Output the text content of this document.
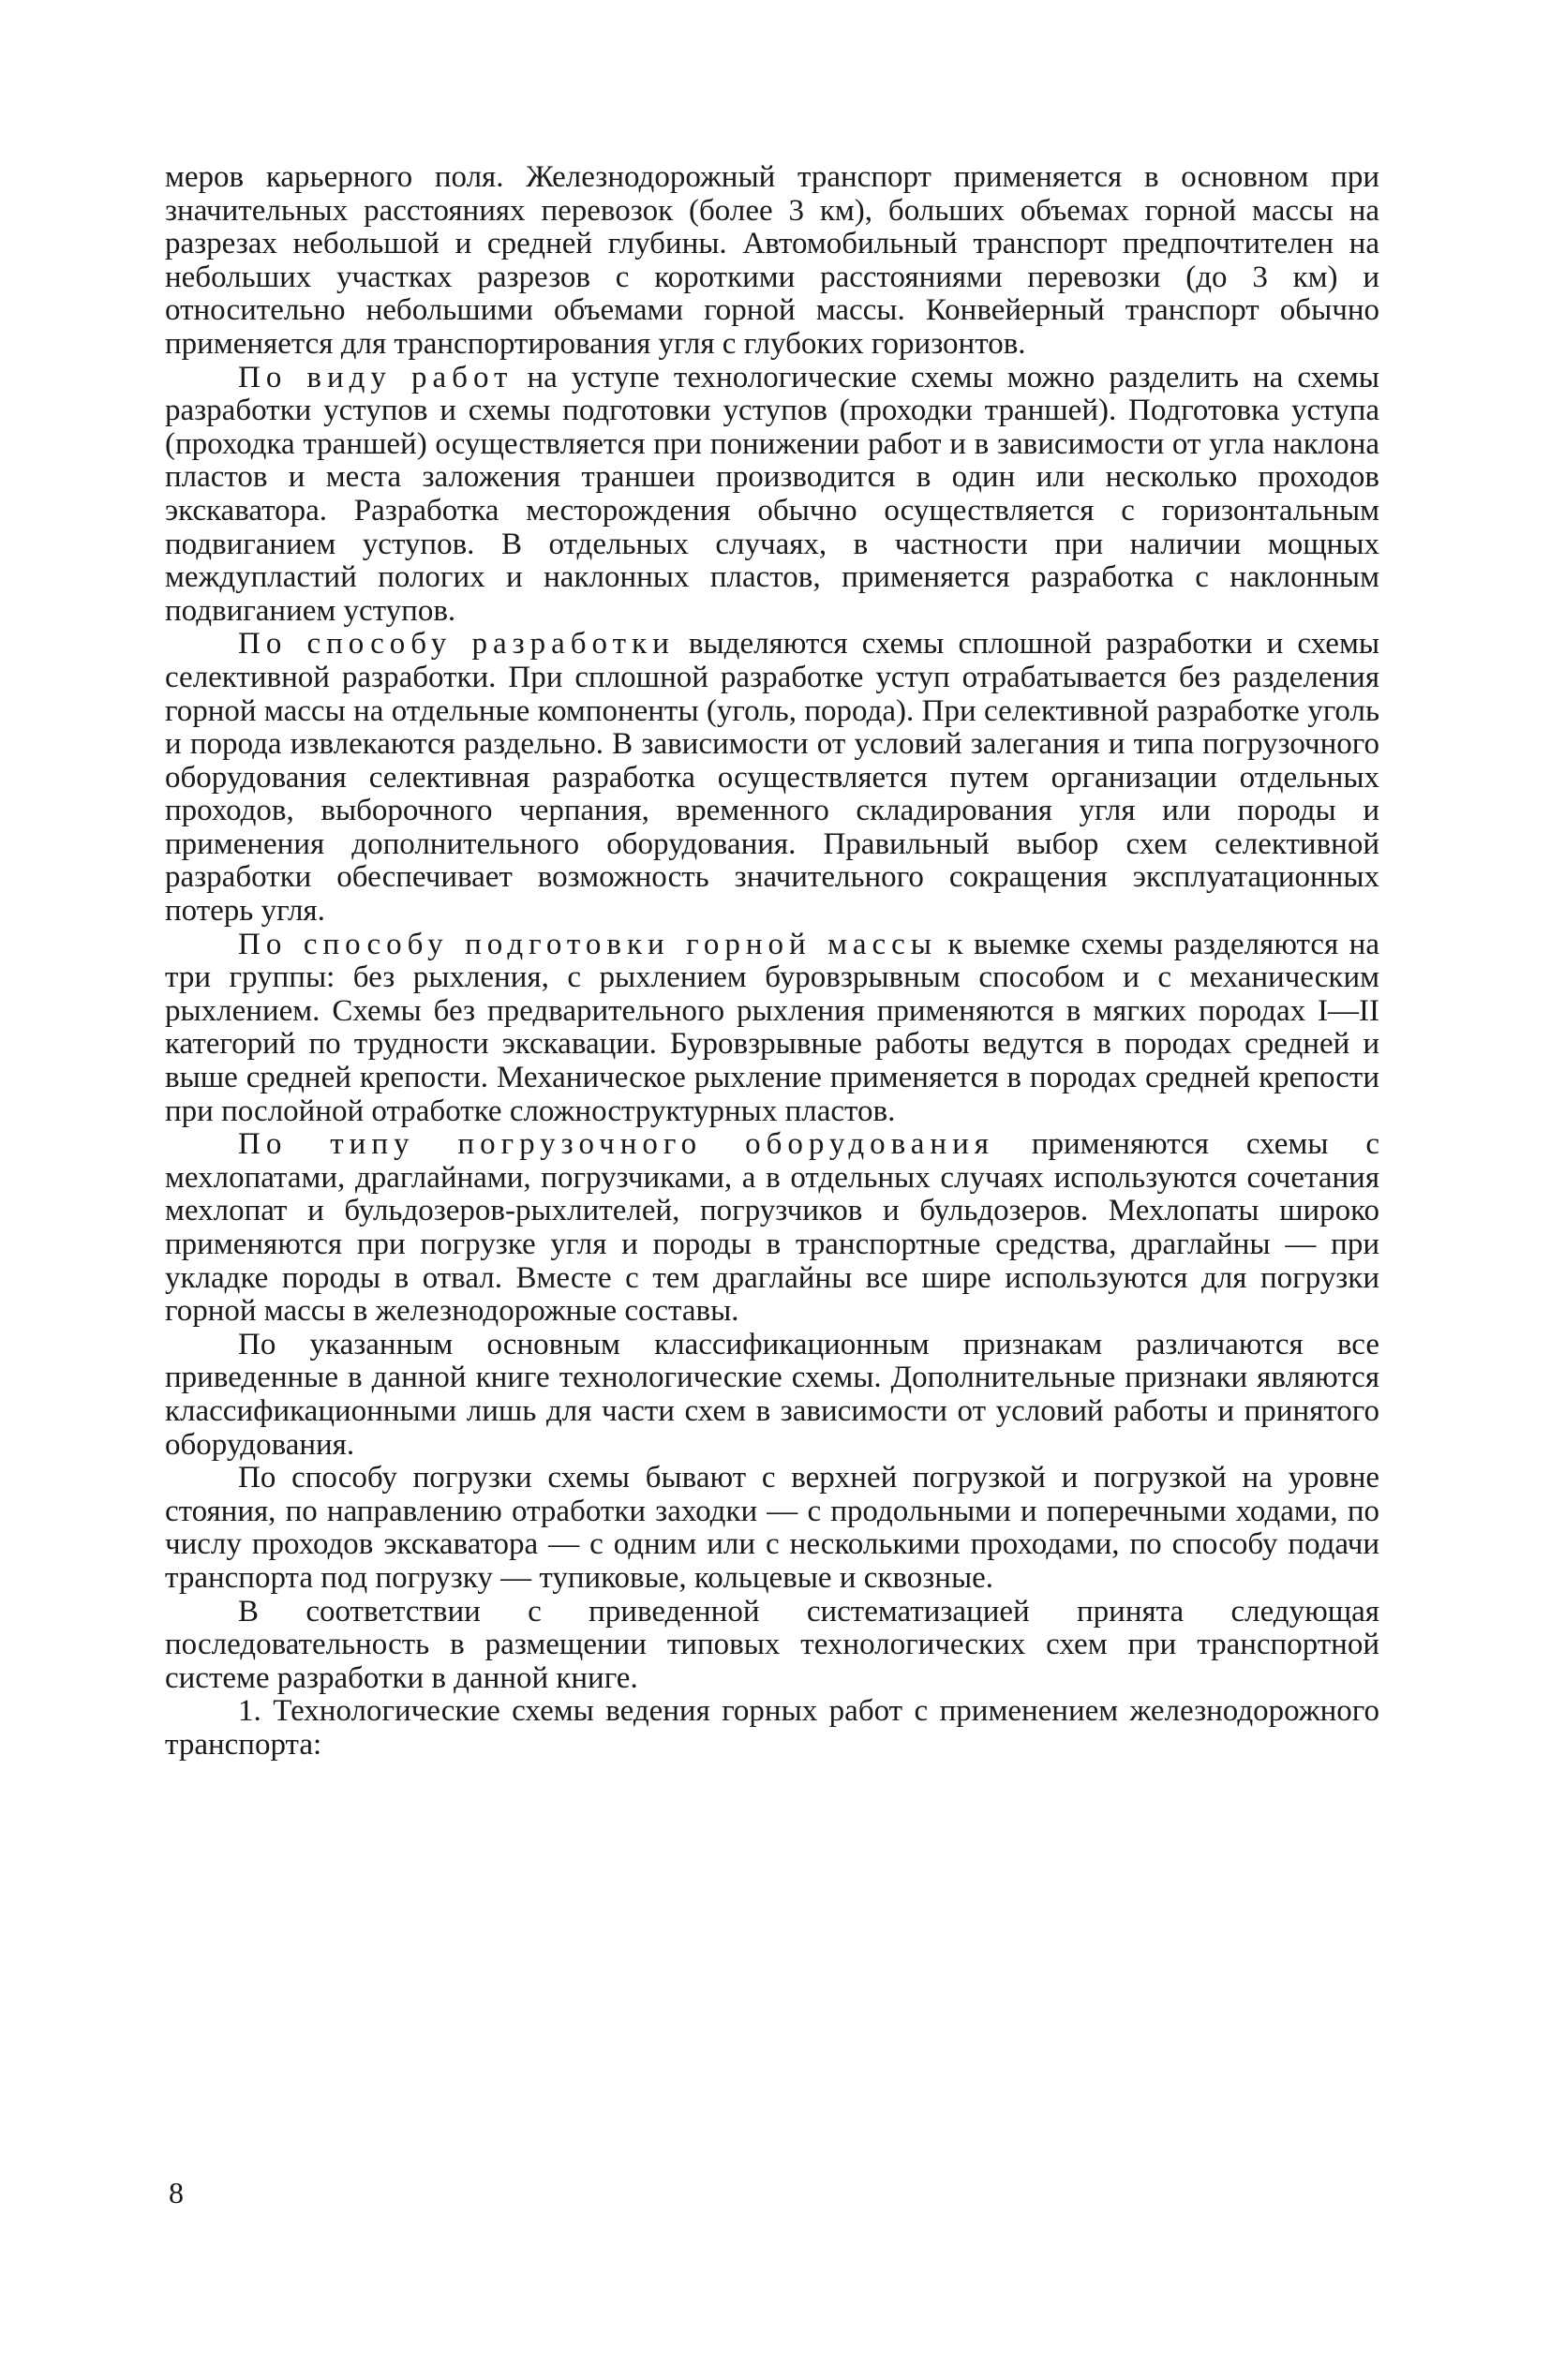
меров карьерного поля. Железнодорожный транспорт применяется в основном при значительных расстояниях перевозок (более 3 км), больших объемах горной массы на разрезах небольшой и средней глубины. Автомобильный транспорт предпочтителен на небольших участках разрезов с короткими расстояниями перевозки (до 3 км) и относительно небольшими объемами горной массы. Конвейерный транспорт обычно применяется для транспортирования угля с глубоких горизонтов.

По виду работ на уступе технологические схемы можно разделить на схемы разработки уступов и схемы подготовки уступов (проходки траншей). Подготовка уступа (проходка траншей) осуществляется при понижении работ и в зависимости от угла наклона пластов и места заложения траншеи производится в один или несколько проходов экскаватора. Разработка месторождения обычно осуществляется с горизонтальным подвиганием уступов. В отдельных случаях, в частности при наличии мощных междупластий пологих и наклонных пластов, применяется разработка с наклонным подвиганием уступов.

По способу разработки выделяются схемы сплошной разработки и схемы селективной разработки. При сплошной разработке уступ отрабатывается без разделения горной массы на отдельные компоненты (уголь, порода). При селективной разработке уголь и порода извлекаются раздельно. В зависимости от условий залегания и типа погрузочного оборудования селективная разработка осуществляется путем организации отдельных проходов, выборочного черпания, временного складирования угля или породы и применения дополнительного оборудования. Правильный выбор схем селективной разработки обеспечивает возможность значительного сокращения эксплуатационных потерь угля.

По способу подготовки горной массы к выемке схемы разделяются на три группы: без рыхления, с рыхлением буровзрывным способом и с механическим рыхлением. Схемы без предварительного рыхления применяются в мягких породах I—II категорий по трудности экскавации. Буровзрывные работы ведутся в породах средней и выше средней крепости. Механическое рыхление применяется в породах средней крепости при послойной отработке сложноструктурных пластов.

По типу погрузочного оборудования применяются схемы с мехлопатами, драглайнами, погрузчиками, а в отдельных случаях используются сочетания мехлопат и бульдозеров-рыхлителей, погрузчиков и бульдозеров. Мехлопаты широко применяются при погрузке угля и породы в транспортные средства, драглайны — при укладке породы в отвал. Вместе с тем драглайны все шире используются для погрузки горной массы в железнодорожные составы.

По указанным основным классификационным признакам различаются все приведенные в данной книге технологические схемы. Дополнительные признаки являются классификационными лишь для части схем в зависимости от условий работы и принятого оборудования.

По способу погрузки схемы бывают с верхней погрузкой и погрузкой на уровне стояния, по направлению отработки заходки — с продольными и поперечными ходами, по числу проходов экскаватора — с одним или с несколькими проходами, по способу подачи транспорта под погрузку — тупиковые, кольцевые и сквозные.

В соответствии с приведенной систематизацией принята следующая последовательность в размещении типовых технологических схем при транспортной системе разработки в данной книге.

1. Технологические схемы ведения горных работ с применением железнодорожного транспорта:

8
